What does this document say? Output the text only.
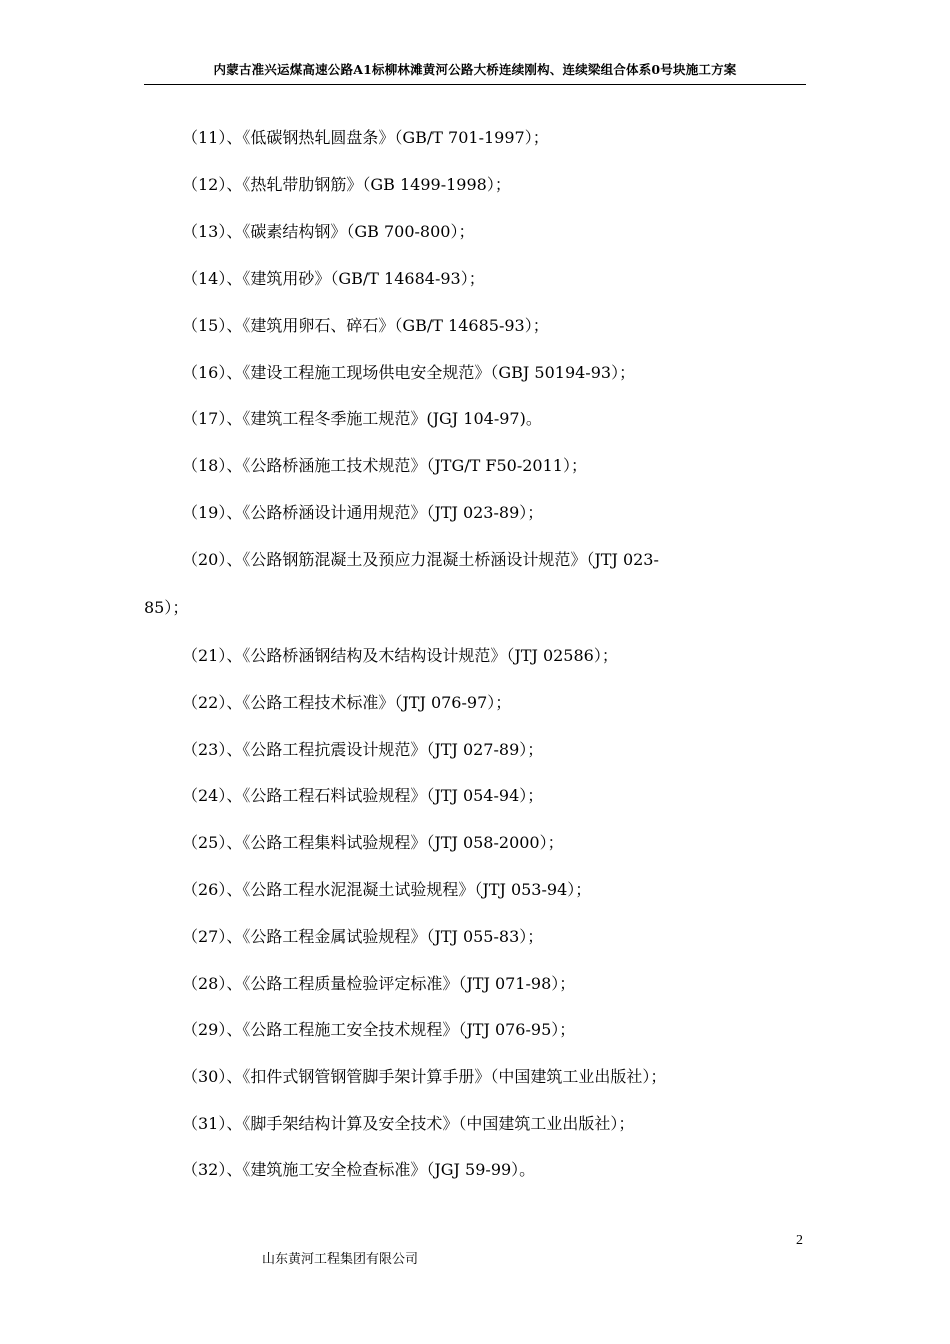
内蒙古准兴运煤高速公路A1标柳林滩黄河公路大桥连续刚构、连续梁组合体系0号块施工方案
（11）、《低碳钢热轧圆盘条》（GB/T 701-1997）；
（12）、《热轧带肋钢筋》（GB 1499-1998）；
（13）、《碳素结构钢》（GB 700-800）；
（14）、《建筑用砂》（GB/T 14684-93）；
（15）、《建筑用卵石、碎石》（GB/T 14685-93）；
（16）、《建设工程施工现场供电安全规范》（GBJ 50194-93）；
（17）、《建筑工程冬季施工规范》(JGJ 104-97)。
（18）、《公路桥涵施工技术规范》（JTG/T F50-2011）；
（19）、《公路桥涵设计通用规范》（JTJ 023-89）；
（20）、《公路钢筋混凝土及预应力混凝土桥涵设计规范》（JTJ 023-
85）；
（21）、《公路桥涵钢结构及木结构设计规范》（JTJ 02586）；
（22）、《公路工程技术标准》（JTJ 076-97）；
（23）、《公路工程抗震设计规范》（JTJ 027-89）；
（24）、《公路工程石料试验规程》（JTJ 054-94）；
（25）、《公路工程集料试验规程》（JTJ 058-2000）；
（26）、《公路工程水泥混凝土试验规程》（JTJ 053-94）；
（27）、《公路工程金属试验规程》（JTJ 055-83）；
（28）、《公路工程质量检验评定标准》（JTJ 071-98）；
（29）、《公路工程施工安全技术规程》（JTJ 076-95）；
（30）、《扣件式钢管钢管脚手架计算手册》（中国建筑工业出版社）；
（31）、《脚手架结构计算及安全技术》（中国建筑工业出版社）；
（32）、《建筑施工安全检查标准》（JGJ 59-99）。
2
山东黄河工程集团有限公司
